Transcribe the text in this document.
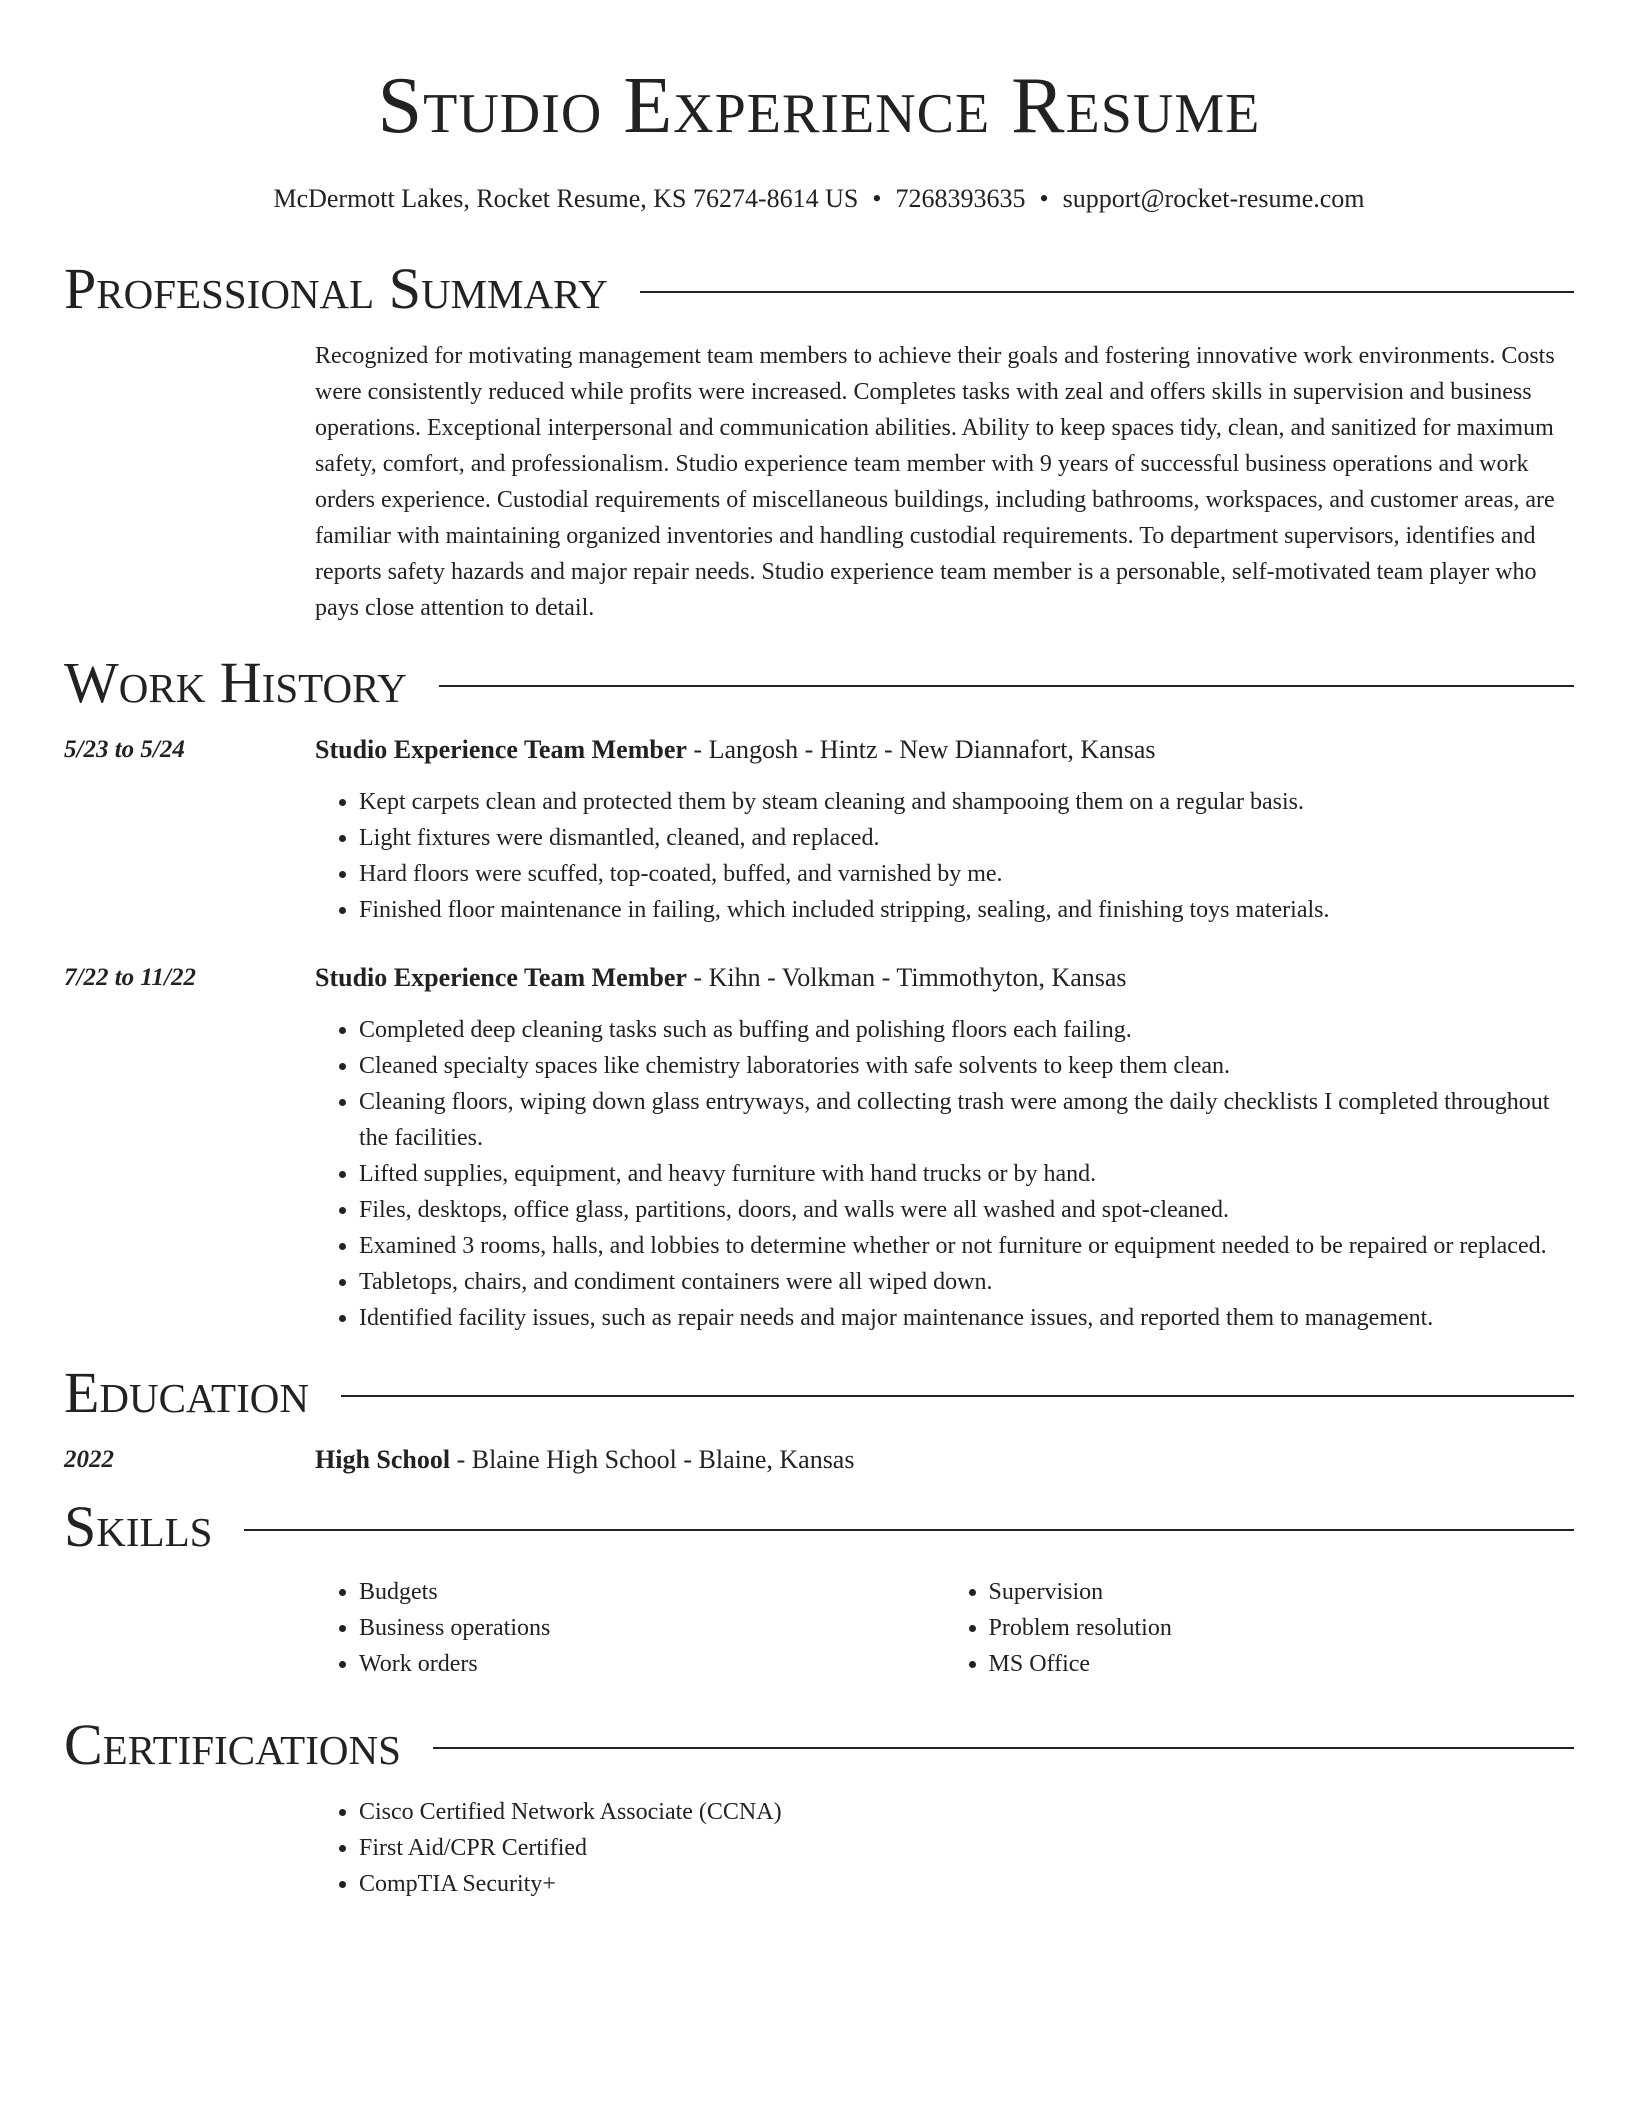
Studio Experience Resume
McDermott Lakes, Rocket Resume, KS 76274-8614 US • 7268393635 • support@rocket-resume.com
Professional Summary
Recognized for motivating management team members to achieve their goals and fostering innovative work environments. Costs were consistently reduced while profits were increased. Completes tasks with zeal and offers skills in supervision and business operations. Exceptional interpersonal and communication abilities. Ability to keep spaces tidy, clean, and sanitized for maximum safety, comfort, and professionalism. Studio experience team member with 9 years of successful business operations and work orders experience. Custodial requirements of miscellaneous buildings, including bathrooms, workspaces, and customer areas, are familiar with maintaining organized inventories and handling custodial requirements. To department supervisors, identifies and reports safety hazards and major repair needs. Studio experience team member is a personable, self-motivated team player who pays close attention to detail.
Work History
5/23 to 5/24	Studio Experience Team Member - Langosh - Hintz - New Diannafort, Kansas
• Kept carpets clean and protected them by steam cleaning and shampooing them on a regular basis.
• Light fixtures were dismantled, cleaned, and replaced.
• Hard floors were scuffed, top-coated, buffed, and varnished by me.
• Finished floor maintenance in failing, which included stripping, sealing, and finishing toys materials.
7/22 to 11/22	Studio Experience Team Member - Kihn - Volkman - Timmothyton, Kansas
• Completed deep cleaning tasks such as buffing and polishing floors each failing.
• Cleaned specialty spaces like chemistry laboratories with safe solvents to keep them clean.
• Cleaning floors, wiping down glass entryways, and collecting trash were among the daily checklists I completed throughout the facilities.
• Lifted supplies, equipment, and heavy furniture with hand trucks or by hand.
• Files, desktops, office glass, partitions, doors, and walls were all washed and spot-cleaned.
• Examined 3 rooms, halls, and lobbies to determine whether or not furniture or equipment needed to be repaired or replaced.
• Tabletops, chairs, and condiment containers were all wiped down.
• Identified facility issues, such as repair needs and major maintenance issues, and reported them to management.
Education
2022	High School - Blaine High School - Blaine, Kansas
Skills
• Budgets
• Business operations
• Work orders
• Supervision
• Problem resolution
• MS Office
Certifications
• Cisco Certified Network Associate (CCNA)
• First Aid/CPR Certified
• CompTIA Security+
